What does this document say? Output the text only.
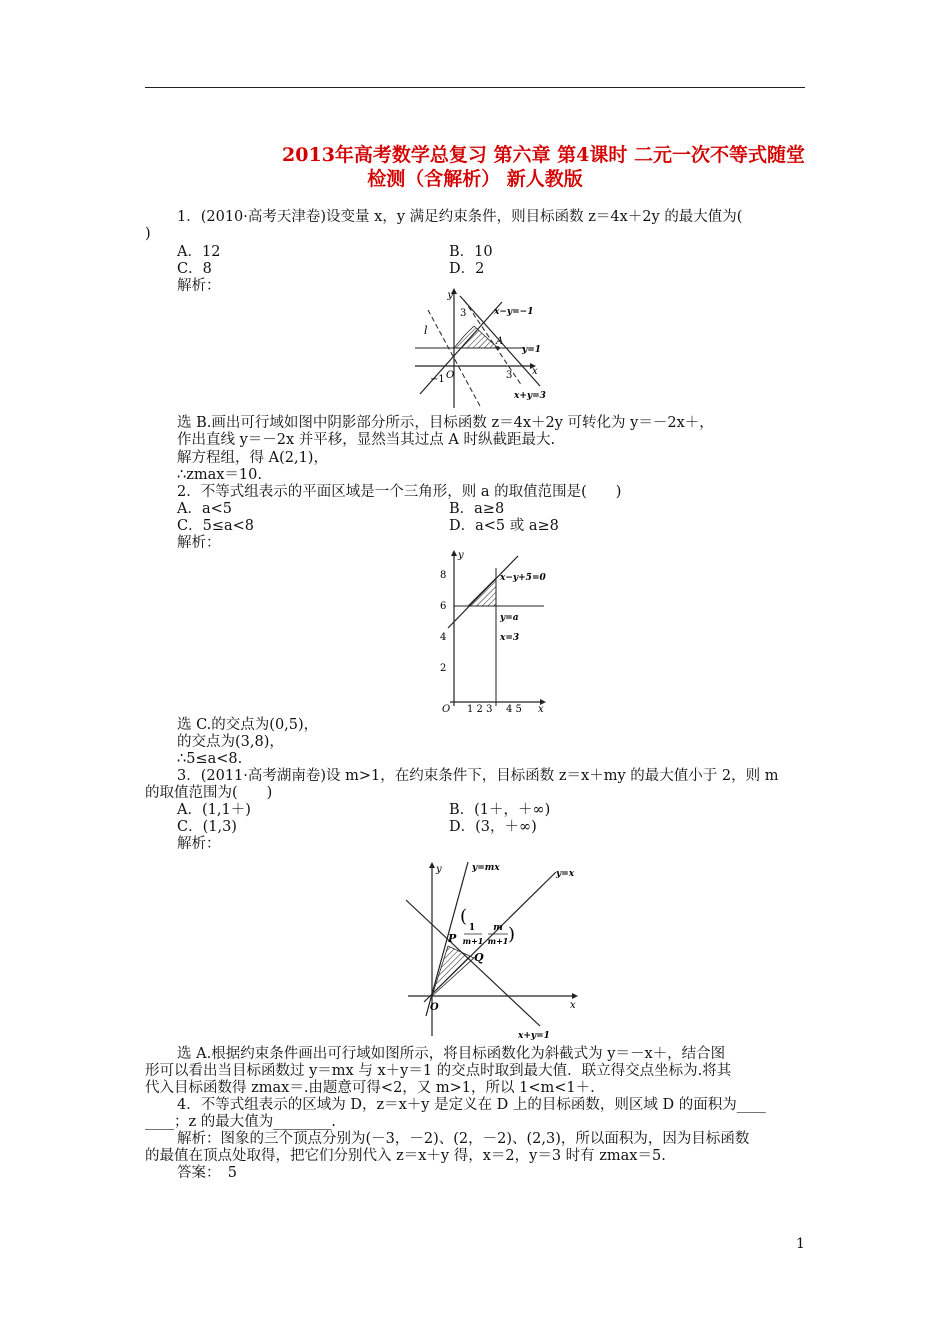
2013年高考数学总复习 第六章 第4课时 二元一次不等式随堂
检测（含解析） 新人教版
1．(2010·高考天津卷)设变量 x，y 满足约束条件，则目标函数 z＝4x＋2y 的最大值为(
)
A．12	B．10
C．8	D．2
解析：
y
x
O
3
3
−1
l
x−y=−1
y=1
x+y=3
A
选 B.画出可行域如图中阴影部分所示，目标函数 z＝4x＋2y 可转化为 y＝－2x＋，
作出直线 y＝－2x 并平移，显然当其过点 A 时纵截距最大.
解方程组，得 A(2,1)，
∴zmax＝10.
2．不等式组表示的平面区域是一个三角形，则 a 的取值范围是(　　)
A．a<5	B．a≥8
C．5≤a<8	D．a<5 或 a≥8
解析：
8
6
4
2
O 1 2 3 4 5 x
y
x−y+5=0
y=a
x=3
选 C.的交点为(0,5)，
的交点为(3,8)，
∴5≤a<8.
3．(2011·高考湖南卷)设 m>1，在约束条件下，目标函数 z＝x＋my 的最大值小于 2，则 m
的取值范围为(　　)
A．(1,1＋)	B．(1＋，＋∞)
C．(1,3)	D．(3，＋∞)
解析：
y
x
O
y=mx
y=x
x+y=1
P
Q
(
1
m+1
m
m+1 )
选 A.根据约束条件画出可行域如图所示，将目标函数化为斜截式为 y＝－x＋，结合图
形可以看出当目标函数过 y＝mx 与 x＋y＝1 的交点时取到最大值．联立得交点坐标为.将其
代入目标函数得 zmax＝.由题意可得<2，又 m>1，所以 1<m<1＋.
4．不等式组表示的区域为 D，z＝x＋y 是定义在 D 上的目标函数，则区域 D 的面积为____
____；z 的最大值为________.
解析：图象的三个顶点分别为(－3，－2)、(2，－2)、(2,3)，所以面积为，因为目标函数
的最值在顶点处取得，把它们分别代入 z＝x＋y 得，x＝2，y＝3 时有 zmax＝5.
答案：　5
1
